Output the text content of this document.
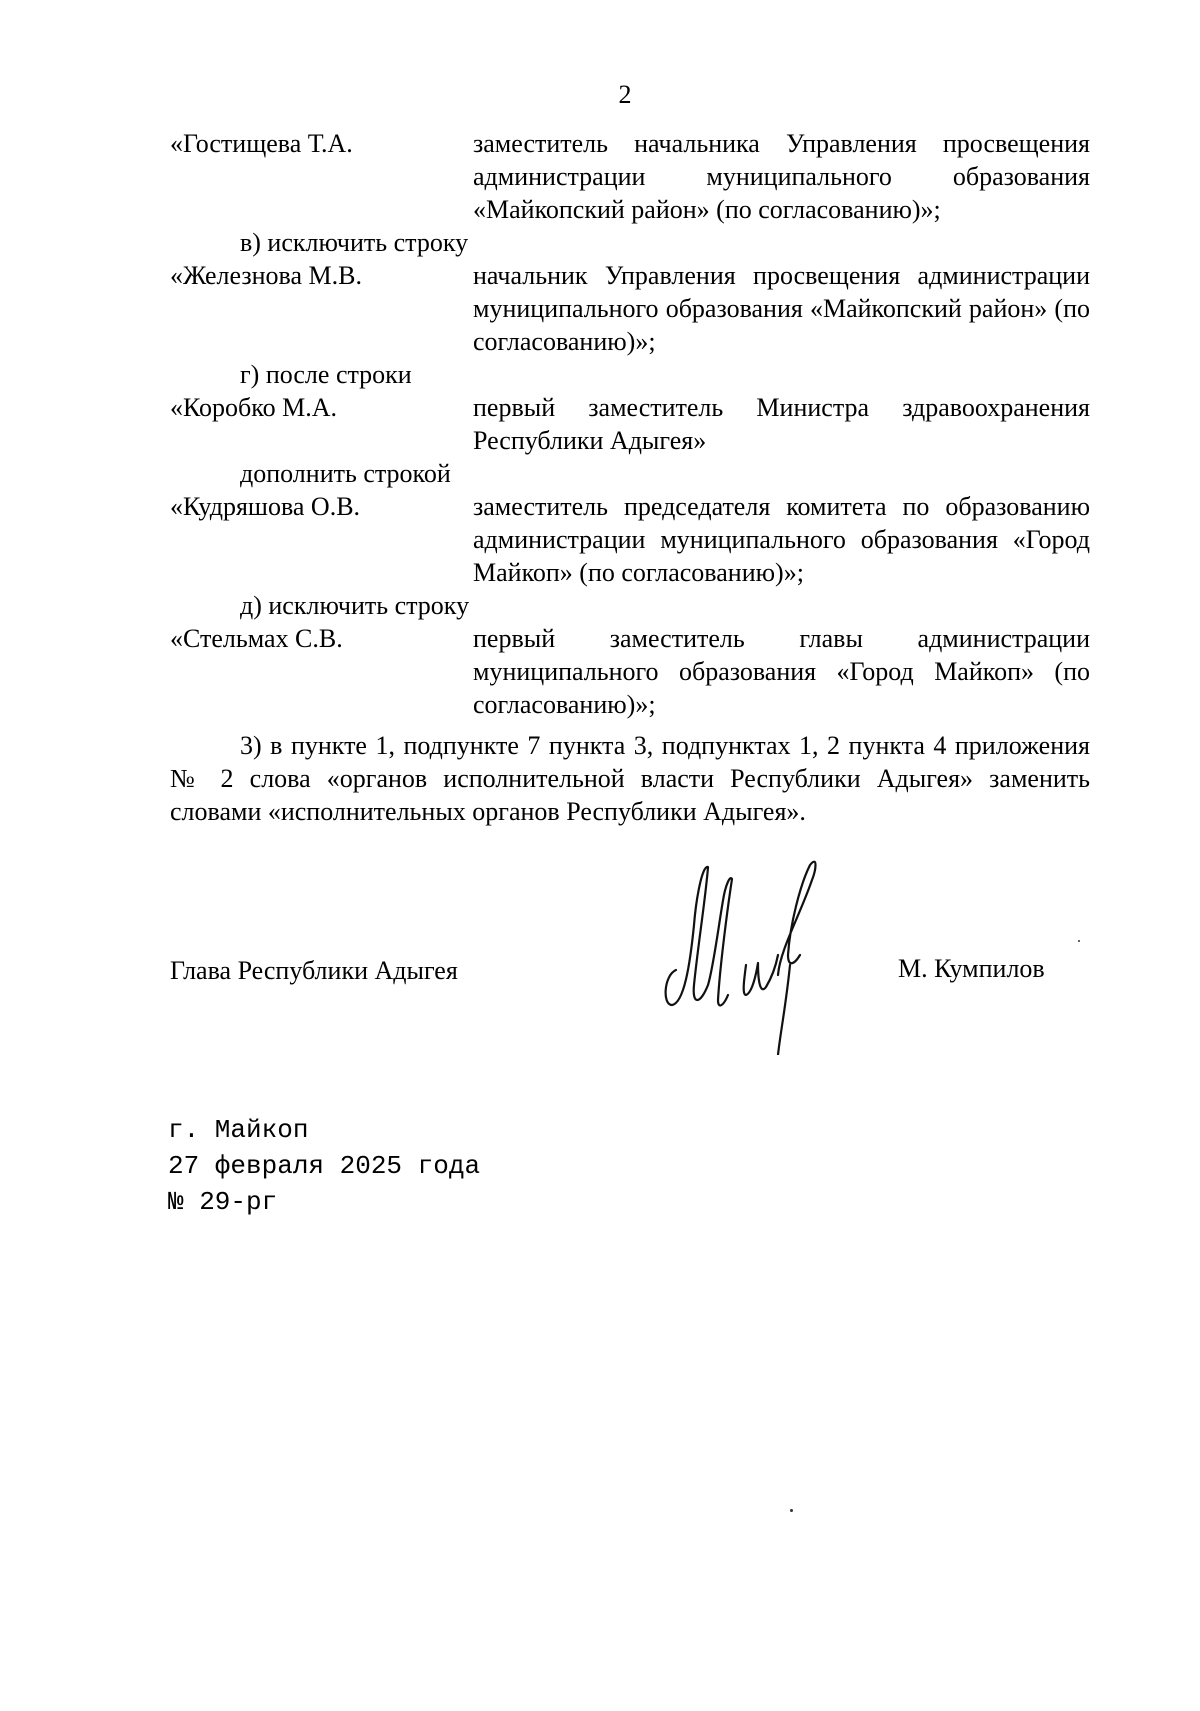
2
«Гостищева Т.А.	заместитель начальника Управления просвещения администрации муниципального образования «Майкопский район» (по согласованию)»;
в) исключить строку
«Железнова М.В.	начальник Управления просвещения администрации муниципального образования «Майкопский район» (по согласованию)»;
г) после строки
«Коробко М.А.	первый заместитель Министра здравоохранения Республики Адыгея»
дополнить строкой
«Кудряшова О.В.	заместитель председателя комитета по образованию администрации муниципального образования «Город Майкоп» (по согласованию)»;
д) исключить строку
«Стельмах С.В.	первый заместитель главы администрации муниципального образования «Город Майкоп» (по согласованию)»;
3) в пункте 1, подпункте 7 пункта 3, подпунктах 1, 2 пункта 4 приложения № 2 слова «органов исполнительной власти Республики Адыгея» заменить словами «исполнительных органов Республики Адыгея».
Глава Республики Адыгея	М. Кумпилов
г. Майкоп
27 февраля 2025 года
№ 29-рг
